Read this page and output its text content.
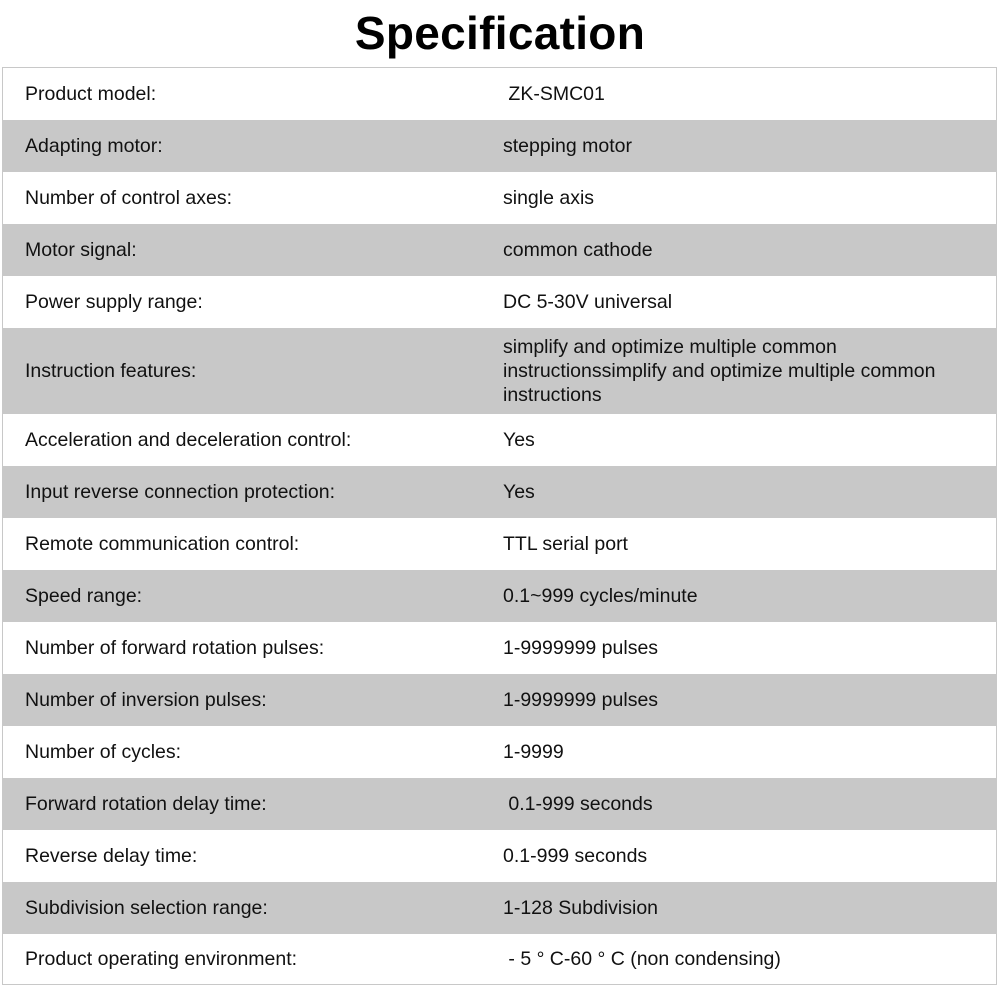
Specification
Product model:	ZK-SMC01
Adapting motor:	stepping motor
Number of control axes:	single axis
Motor signal:	common cathode
Power supply range:	DC 5-30V universal
Instruction features:
simplify and optimize multiple common instructionssimplify and optimize multiple common instructions
Acceleration and deceleration control:	Yes
Input reverse connection protection:	Yes
Remote communication control:	TTL serial port
Speed range:	0.1~999 cycles/minute
Number of forward rotation pulses:	1-9999999 pulses
Number of inversion pulses:	1-9999999 pulses
Number of cycles:	1-9999
Forward rotation delay time:	0.1-999 seconds
Reverse delay time:	0.1-999 seconds
Subdivision selection range:	1-128 Subdivision
Product operating environment:	- 5 ° C-60 ° C (non condensing)
